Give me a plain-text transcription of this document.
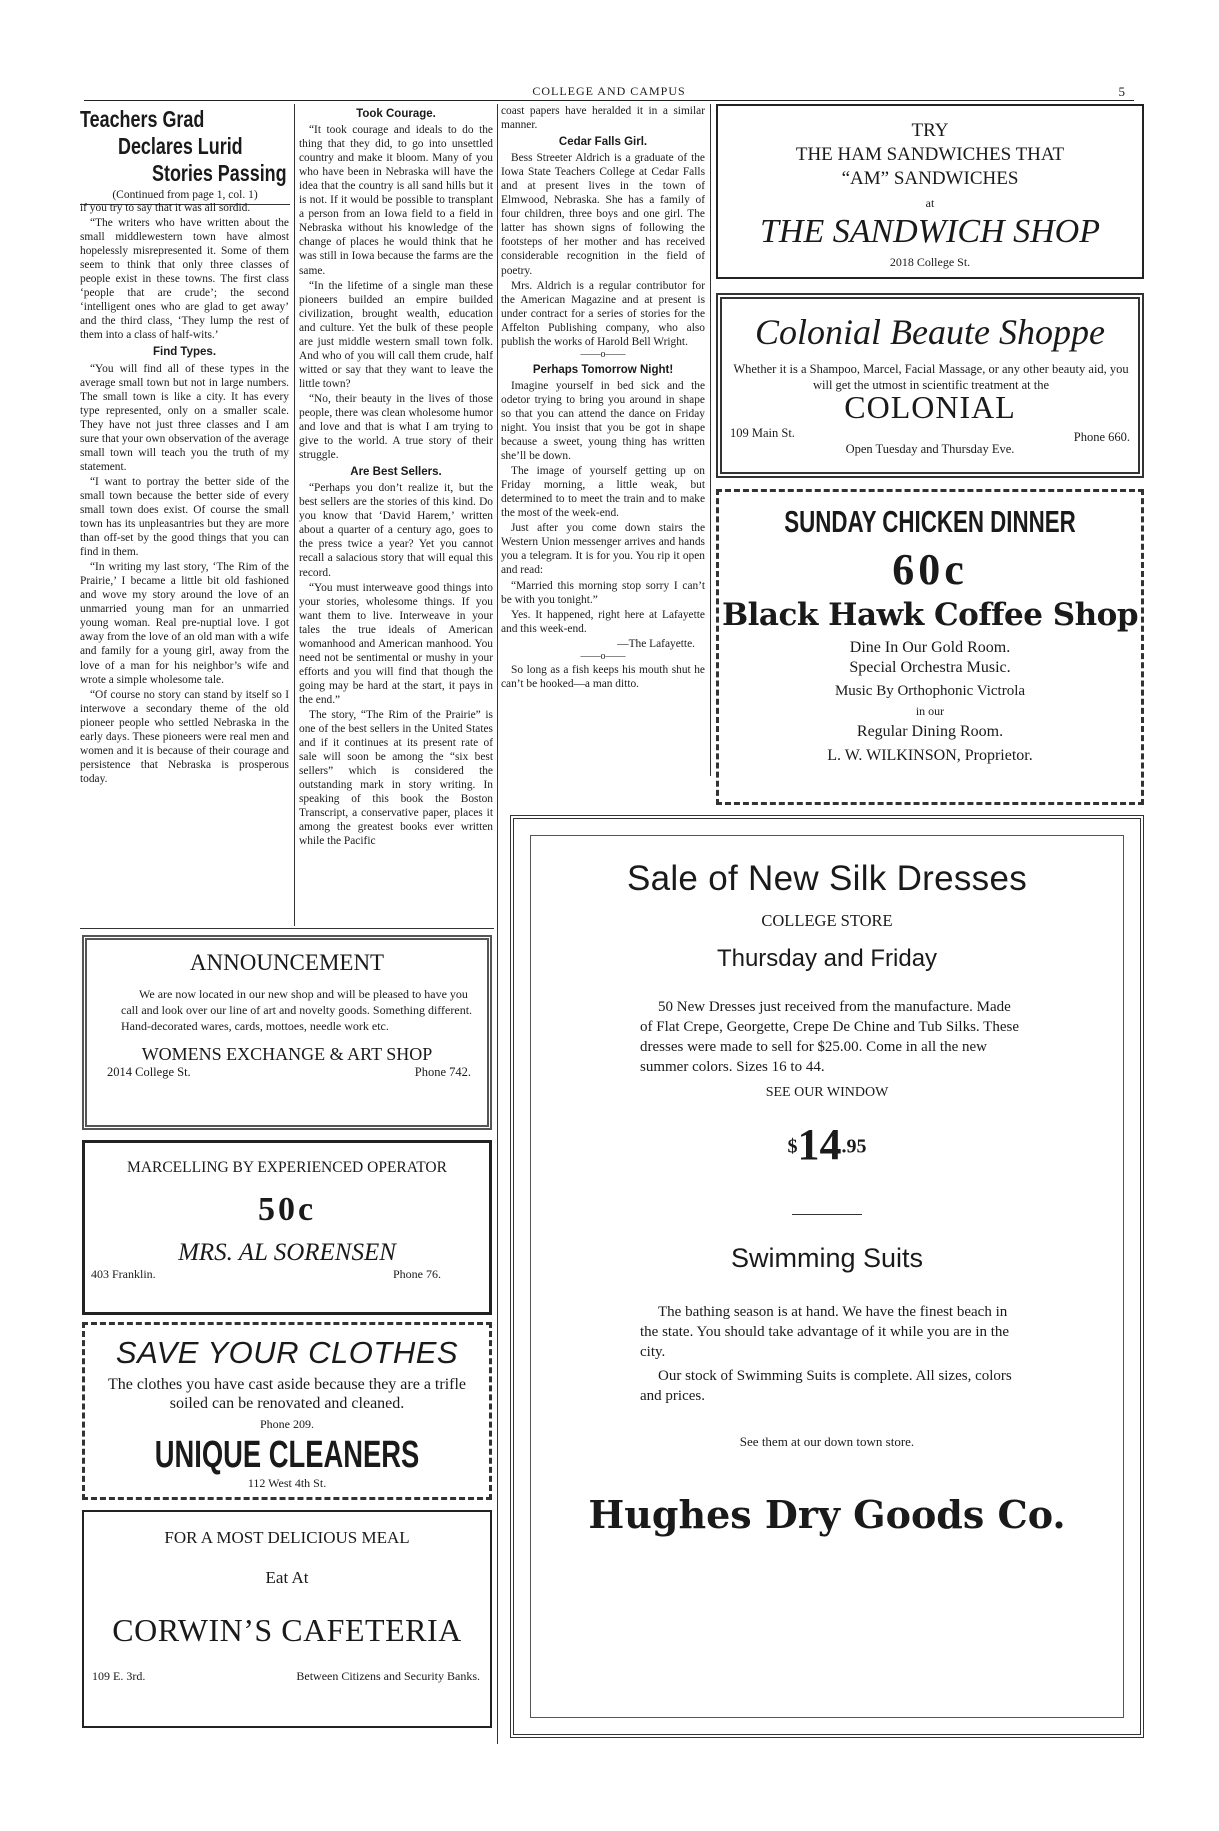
COLLEGE AND CAMPUS	5
Teachers Grad
Declares Lurid
Stories Passing
(Continued from page 1, col. 1)

if you try to say that it was all sordid.

“The writers who have written about the small middlewestern town have almost hopelessly misrepresented it. Some of them seem to think that only three classes of people exist in these towns. The first class ‘people that are crude’; the second ‘intelligent ones who are glad to get away’ and the third class, ‘They lump the rest of them into a class of half-wits.’

Find Types.

“You will find all of these types in the average small town but not in large numbers. The small town is like a city. It has every type represented, only on a smaller scale. They have not just three classes and I am sure that your own observation of the average small town will teach you the truth of my statement.

“I want to portray the better side of the small town because the better side of every small town does exist. Of course the small town has its unpleasantries but they are more than off-set by the good things that you can find in them.

“In writing my last story, ‘The Rim of the Prairie,’ I became a little bit old fashioned and wove my story around the love of an unmarried young man for an unmarried young woman. Real pre-nuptial love. I got away from the love of an old man with a wife and family for a young girl, away from the love of a man for his neighbor’s wife and wrote a simple wholesome tale.

“Of course no story can stand by itself so I interwove a secondary theme of the old pioneer people who settled Nebraska in the early days. These pioneers were real men and women and it is because of their courage and persistence that Nebraska is prosperous today.

Took Courage.

“It took courage and ideals to do the thing that they did, to go into unsettled country and make it bloom. Many of you who have been in Nebraska will have the idea that the country is all sand hills but it is not. If it would be possible to transplant a person from an Iowa field to a field in Nebraska without his knowledge of the change of places he would think that he was still in Iowa because the farms are the same.

“In the lifetime of a single man these pioneers builded an empire builded civilization, brought wealth, education and culture. Yet the bulk of these people are just middle western small town folk. And who of you will call them crude, half witted or say that they want to leave the little town?

“No, their beauty in the lives of those people, there was clean wholesome humor and love and that is what I am trying to give to the world. A true story of their struggle.

Are Best Sellers.

“Perhaps you don’t realize it, but the best sellers are the stories of this kind. Do you know that ‘David Harem,’ written about a quarter of a century ago, goes to the press twice a year? Yet you cannot recall a salacious story that will equal this record.

“You must interweave good things into your stories, wholesome things. If you want them to live. Interweave in your tales the true ideals of American womanhood and American manhood. You need not be sentimental or mushy in your efforts and you will find that though the going may be hard at the start, it pays in the end.”

The story, “The Rim of the Prairie” is one of the best sellers in the United States and if it continues at its present rate of sale will soon be among the “six best sellers” which is considered the outstanding mark in story writing. In speaking of this book the Boston Transcript, a conservative paper, places it among the greatest books ever written while the Pacific

coast papers have heralded it in a similar manner.

Cedar Falls Girl.

Bess Streeter Aldrich is a graduate of the Iowa State Teachers College at Cedar Falls and at present lives in the town of Elmwood, Nebraska. She has a family of four children, three boys and one girl. The latter has shown signs of following the footsteps of her mother and has received considerable recognition in the field of poetry.

Mrs. Aldrich is a regular contributor for the American Magazine and at present is under contract for a series of stories for the Affelton Publishing company, who also publish the works of Harold Bell Wright.

——o——

Perhaps Tomorrow Night!

Imagine yourself in bed sick and the odetor trying to bring you around in shape so that you can attend the dance on Friday night. You insist that you be got in shape because a sweet, young thing has written she’ll be down.

The image of yourself getting up on Friday morning, a little weak, but determined to to meet the train and to make the most of the week-end.

Just after you come down stairs the Western Union messenger arrives and hands you a telegram. It is for you. You rip it open and read:

“Married this morning stop sorry I can’t be with you tonight.”

Yes. It happened, right here at Lafayette and this week-end.

—The Lafayette.

——o——

So long as a fish keeps his mouth shut he can’t be hooked—a man ditto.

TRY
THE HAM SANDWICHES THAT
“AM” SANDWICHES
at
THE SANDWICH SHOP
2018 College St.
Colonial Beaute Shoppe
Whether it is a Shampoo, Marcel, Facial Massage, or any other beauty aid, you will get the utmost in scientific treatment at the
COLONIAL
109 Main St.	Phone 660.
Open Tuesday and Thursday Eve.
SUNDAY CHICKEN DINNER
60c
Black Hawk Coffee Shop
Dine In Our Gold Room.
Special Orchestra Music.
Music By Orthophonic Victrola
in our
Regular Dining Room.
L. W. WILKINSON, Proprietor.
ANNOUNCEMENT
We are now located in our new shop and will be pleased to have you call and look over our line of art and novelty goods. Something different. Hand-decorated wares, cards, mottoes, needle work etc.
WOMENS EXCHANGE & ART SHOP
2014 College St.	Phone 742.
MARCELLING BY EXPERIENCED OPERATOR
50c
MRS. AL SORENSEN
403 Franklin.	Phone 76.
SAVE YOUR CLOTHES
The clothes you have cast aside because they are a trifle soiled can be renovated and cleaned.
Phone 209.
UNIQUE CLEANERS
112 West 4th St.
FOR A MOST DELICIOUS MEAL
Eat At
CORWIN’S CAFETERIA
109 E. 3rd.	Between Citizens and Security Banks.
Sale of New Silk Dresses
COLLEGE STORE
Thursday and Friday
50 New Dresses just received from the manufacture. Made of Flat Crepe, Georgette, Crepe De Chine and Tub Silks. These dresses were made to sell for $25.00. Come in all the new summer colors. Sizes 16 to 44.
SEE OUR WINDOW
$^{\$}14^{.95}$
Swimming Suits
The bathing season is at hand. We have the finest beach in the state. You should take advantage of it while you are in the city.
Our stock of Swimming Suits is complete. All sizes, colors and prices.
See them at our down town store.
Hughes Dry Goods Co.
